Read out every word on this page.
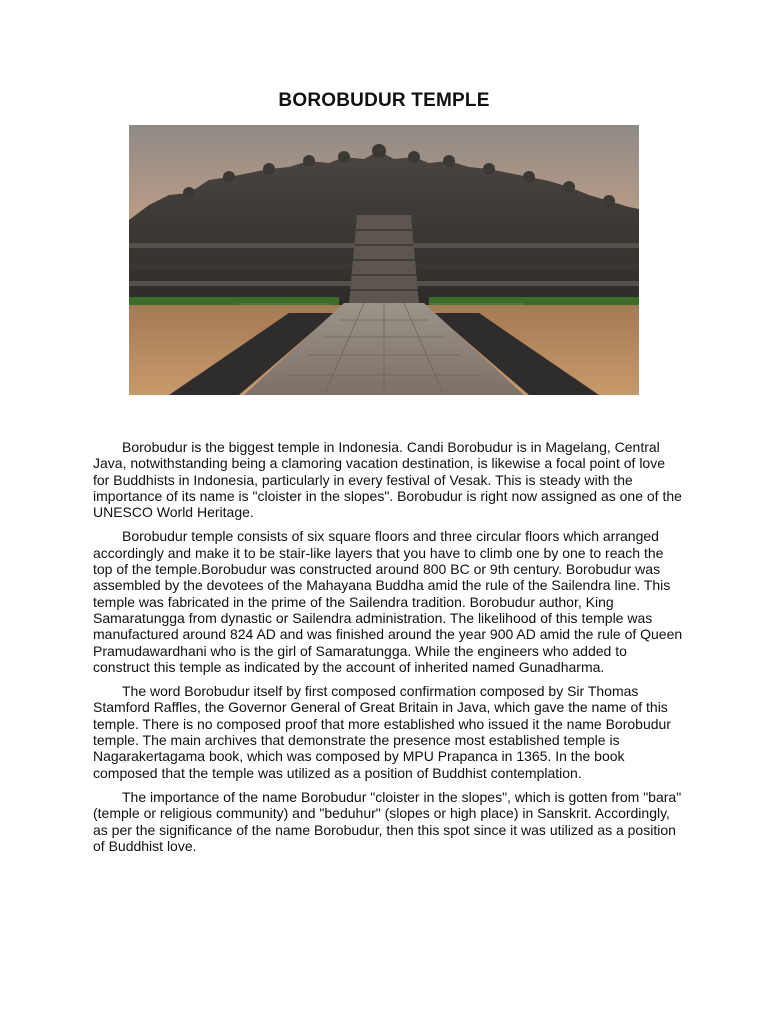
BOROBUDUR TEMPLE

Borobudur is the biggest temple in Indonesia. Candi Borobudur is in Magelang, Central Java, notwithstanding being a clamoring vacation destination, is likewise a focal point of love for Buddhists in Indonesia, particularly in every festival of Vesak. This is steady with the importance of its name is "cloister in the slopes". Borobudur is right now assigned as one of the UNESCO World Heritage.

Borobudur temple consists of six square floors and three circular floors which arranged accordingly and make it to be stair-like layers that you have to climb one by one to reach the top of the temple.Borobudur was constructed around 800 BC or 9th century. Borobudur was assembled by the devotees of the Mahayana Buddha amid the rule of the Sailendra line. This temple was fabricated in the prime of the Sailendra tradition. Borobudur author, King Samaratungga from dynastic or Sailendra administration. The likelihood of this temple was manufactured around 824 AD and was finished around the year 900 AD amid the rule of Queen Pramudawardhani who is the girl of Samaratungga. While the engineers who added to construct this temple as indicated by the account of inherited named Gunadharma.

The word Borobudur itself by first composed confirmation composed by Sir Thomas Stamford Raffles, the Governor General of Great Britain in Java, which gave the name of this temple. There is no composed proof that more established who issued it the name Borobudur temple. The main archives that demonstrate the presence most established temple is Nagarakertagama book, which was composed by MPU Prapanca in 1365. In the book composed that the temple was utilized as a position of Buddhist contemplation.

The importance of the name Borobudur "cloister in the slopes", which is gotten from "bara" (temple or religious community) and "beduhur" (slopes or high place) in Sanskrit. Accordingly, as per the significance of the name Borobudur, then this spot since it was utilized as a position of Buddhist love.
